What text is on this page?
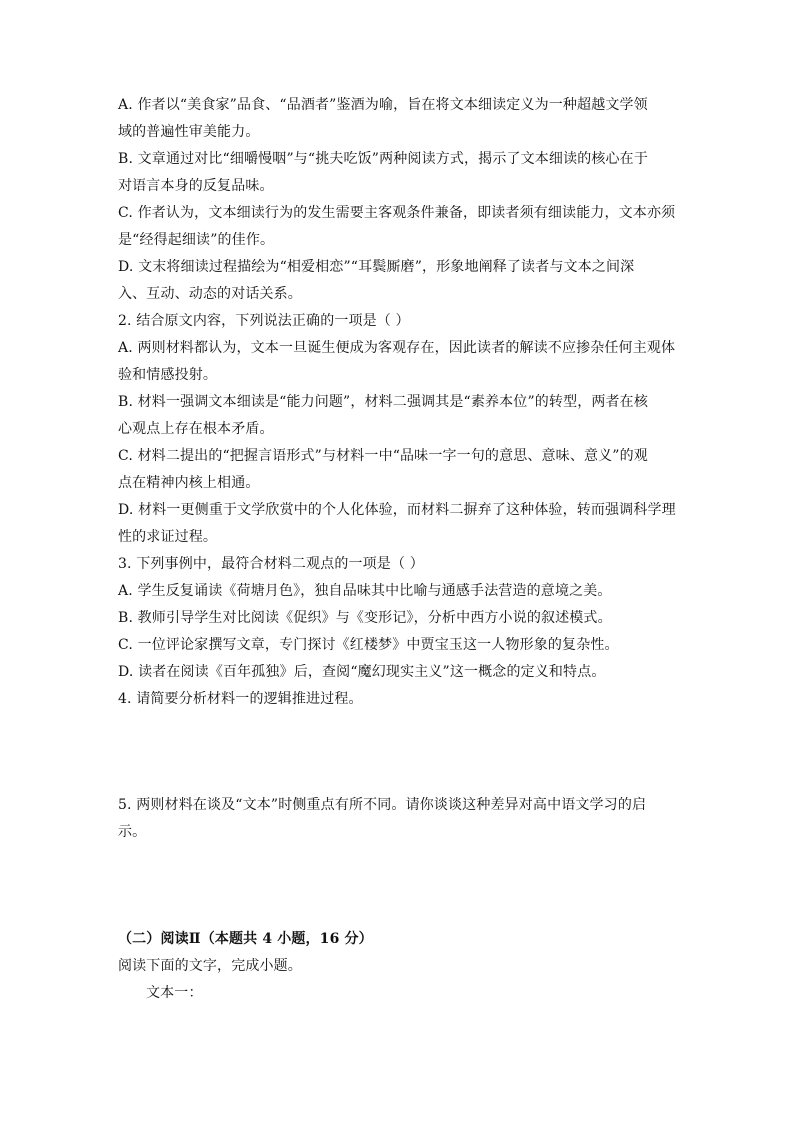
A. 作者以“美食家”品食、“品酒者”鉴酒为喻，旨在将文本细读定义为一种超越文学领
域的普遍性审美能力。
B. 文章通过对比“细嚼慢咽”与“挑夫吃饭”两种阅读方式，揭示了文本细读的核心在于
对语言本身的反复品味。
C. 作者认为，文本细读行为的发生需要主客观条件兼备，即读者须有细读能力，文本亦须
是“经得起细读”的佳作。
D. 文末将细读过程描绘为“相爱相恋”“耳鬓厮磨”，形象地阐释了读者与文本之间深
入、互动、动态的对话关系。
2. 结合原文内容，下列说法正确的一项是（ ）
A. 两则材料都认为，文本一旦诞生便成为客观存在，因此读者的解读不应掺杂任何主观体
验和情感投射。
B. 材料一强调文本细读是“能力问题”，材料二强调其是“素养本位”的转型，两者在核
心观点上存在根本矛盾。
C. 材料二提出的“把握言语形式”与材料一中“品味一字一句的意思、意味、意义”的观
点在精神内核上相通。
D. 材料一更侧重于文学欣赏中的个人化体验，而材料二摒弃了这种体验，转而强调科学理
性的求证过程。
3. 下列事例中，最符合材料二观点的一项是（ ）
A. 学生反复诵读《荷塘月色》，独自品味其中比喻与通感手法营造的意境之美。
B. 教师引导学生对比阅读《促织》与《变形记》，分析中西方小说的叙述模式。
C. 一位评论家撰写文章，专门探讨《红楼梦》中贾宝玉这一人物形象的复杂性。
D. 读者在阅读《百年孤独》后，查阅“魔幻现实主义”这一概念的定义和特点。
4. 请简要分析材料一的逻辑推进过程。
5. 两则材料在谈及“文本”时侧重点有所不同。请你谈谈这种差异对高中语文学习的启
示。
（二）阅读Ⅱ（本题共 4 小题，16 分）
阅读下面的文字，完成小题。
文本一：
